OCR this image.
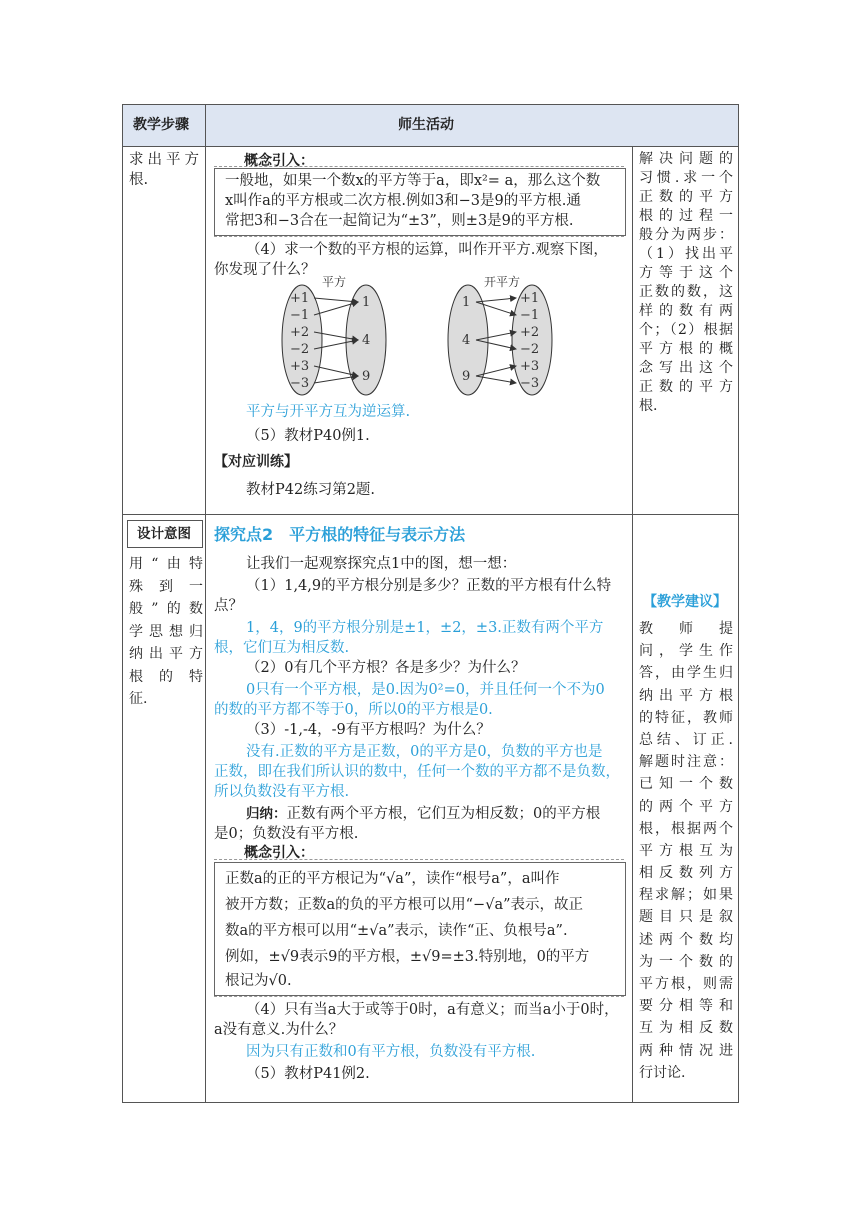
教学步骤	师生活动
求出平方
根.
概念引入：
一般地，如果一个数x的平方等于a，即x²= a，那么这个数
x叫作a的平方根或二次方根.例如3和−3是9的平方根.通
常把3和−3合在一起简记为“±3”，则±3是9的平方根.
（4）求一个数的平方根的运算，叫作开平方.观察下图，
你发现了什么？
平方
+1
−1
+2
−2
+3
−3
1
4
9
开平方
1
4
9
+1
−1
+2
−2
+3
−3
平方与开平方互为逆运算.
（5）教材P40例1.
【对应训练】
教材P42练习第2题.
解决问题的
习惯.求一个
正数的平方
根的过程一
般分为两步：
（1）找出平
方等于这个
正数的数，这
样的数有两
个；（2）根据
平方根的概
念写出这个
正数的平方
根.
设计意图
用“由特
殊到一
般”的数
学思想归
纳出平方
根的特
征.
探究点2　平方根的特征与表示方法
让我们一起观察探究点1中的图，想一想：
（1）1,4,9的平方根分别是多少？正数的平方根有什么特
点？
1，4，9的平方根分别是±1，±2，±3.正数有两个平方
根，它们互为相反数.
（2）0有几个平方根？各是多少？为什么？
0只有一个平方根，是0.因为0²=0，并且任何一个不为0
的数的平方都不等于0，所以0的平方根是0.
（3）-1,-4，-9有平方根吗？为什么？
没有.正数的平方是正数，0的平方是0，负数的平方也是
正数，即在我们所认识的数中，任何一个数的平方都不是负数，
所以负数没有平方根.
归纳：正数有两个平方根，它们互为相反数；0的平方根
是0；负数没有平方根.
概念引入：
正数a的正的平方根记为“√a”，读作“根号a”，a叫作
被开方数；正数a的负的平方根可以用“−√a”表示，故正
数a的平方根可以用“±√a”表示，读作“正、负根号a”.
例如，±√9表示9的平方根，±√9=±3.特别地，0的平方
根记为√0.
（4）只有当a大于或等于0时，a有意义；而当a小于0时，
a没有意义.为什么？
因为只有正数和0有平方根，负数没有平方根.
（5）教材P41例2.
【教学建议】
教师提
问，学生作
答，由学生归
纳出平方根
的特征，教师
总结、订正.
解题时注意：
已知一个数
的两个平方
根，根据两个
平方根互为
相反数列方
程求解；如果
题目只是叙
述两个数均
为一个数的
平方根，则需
要分相等和
互为相反数
两种情况进
行讨论.
